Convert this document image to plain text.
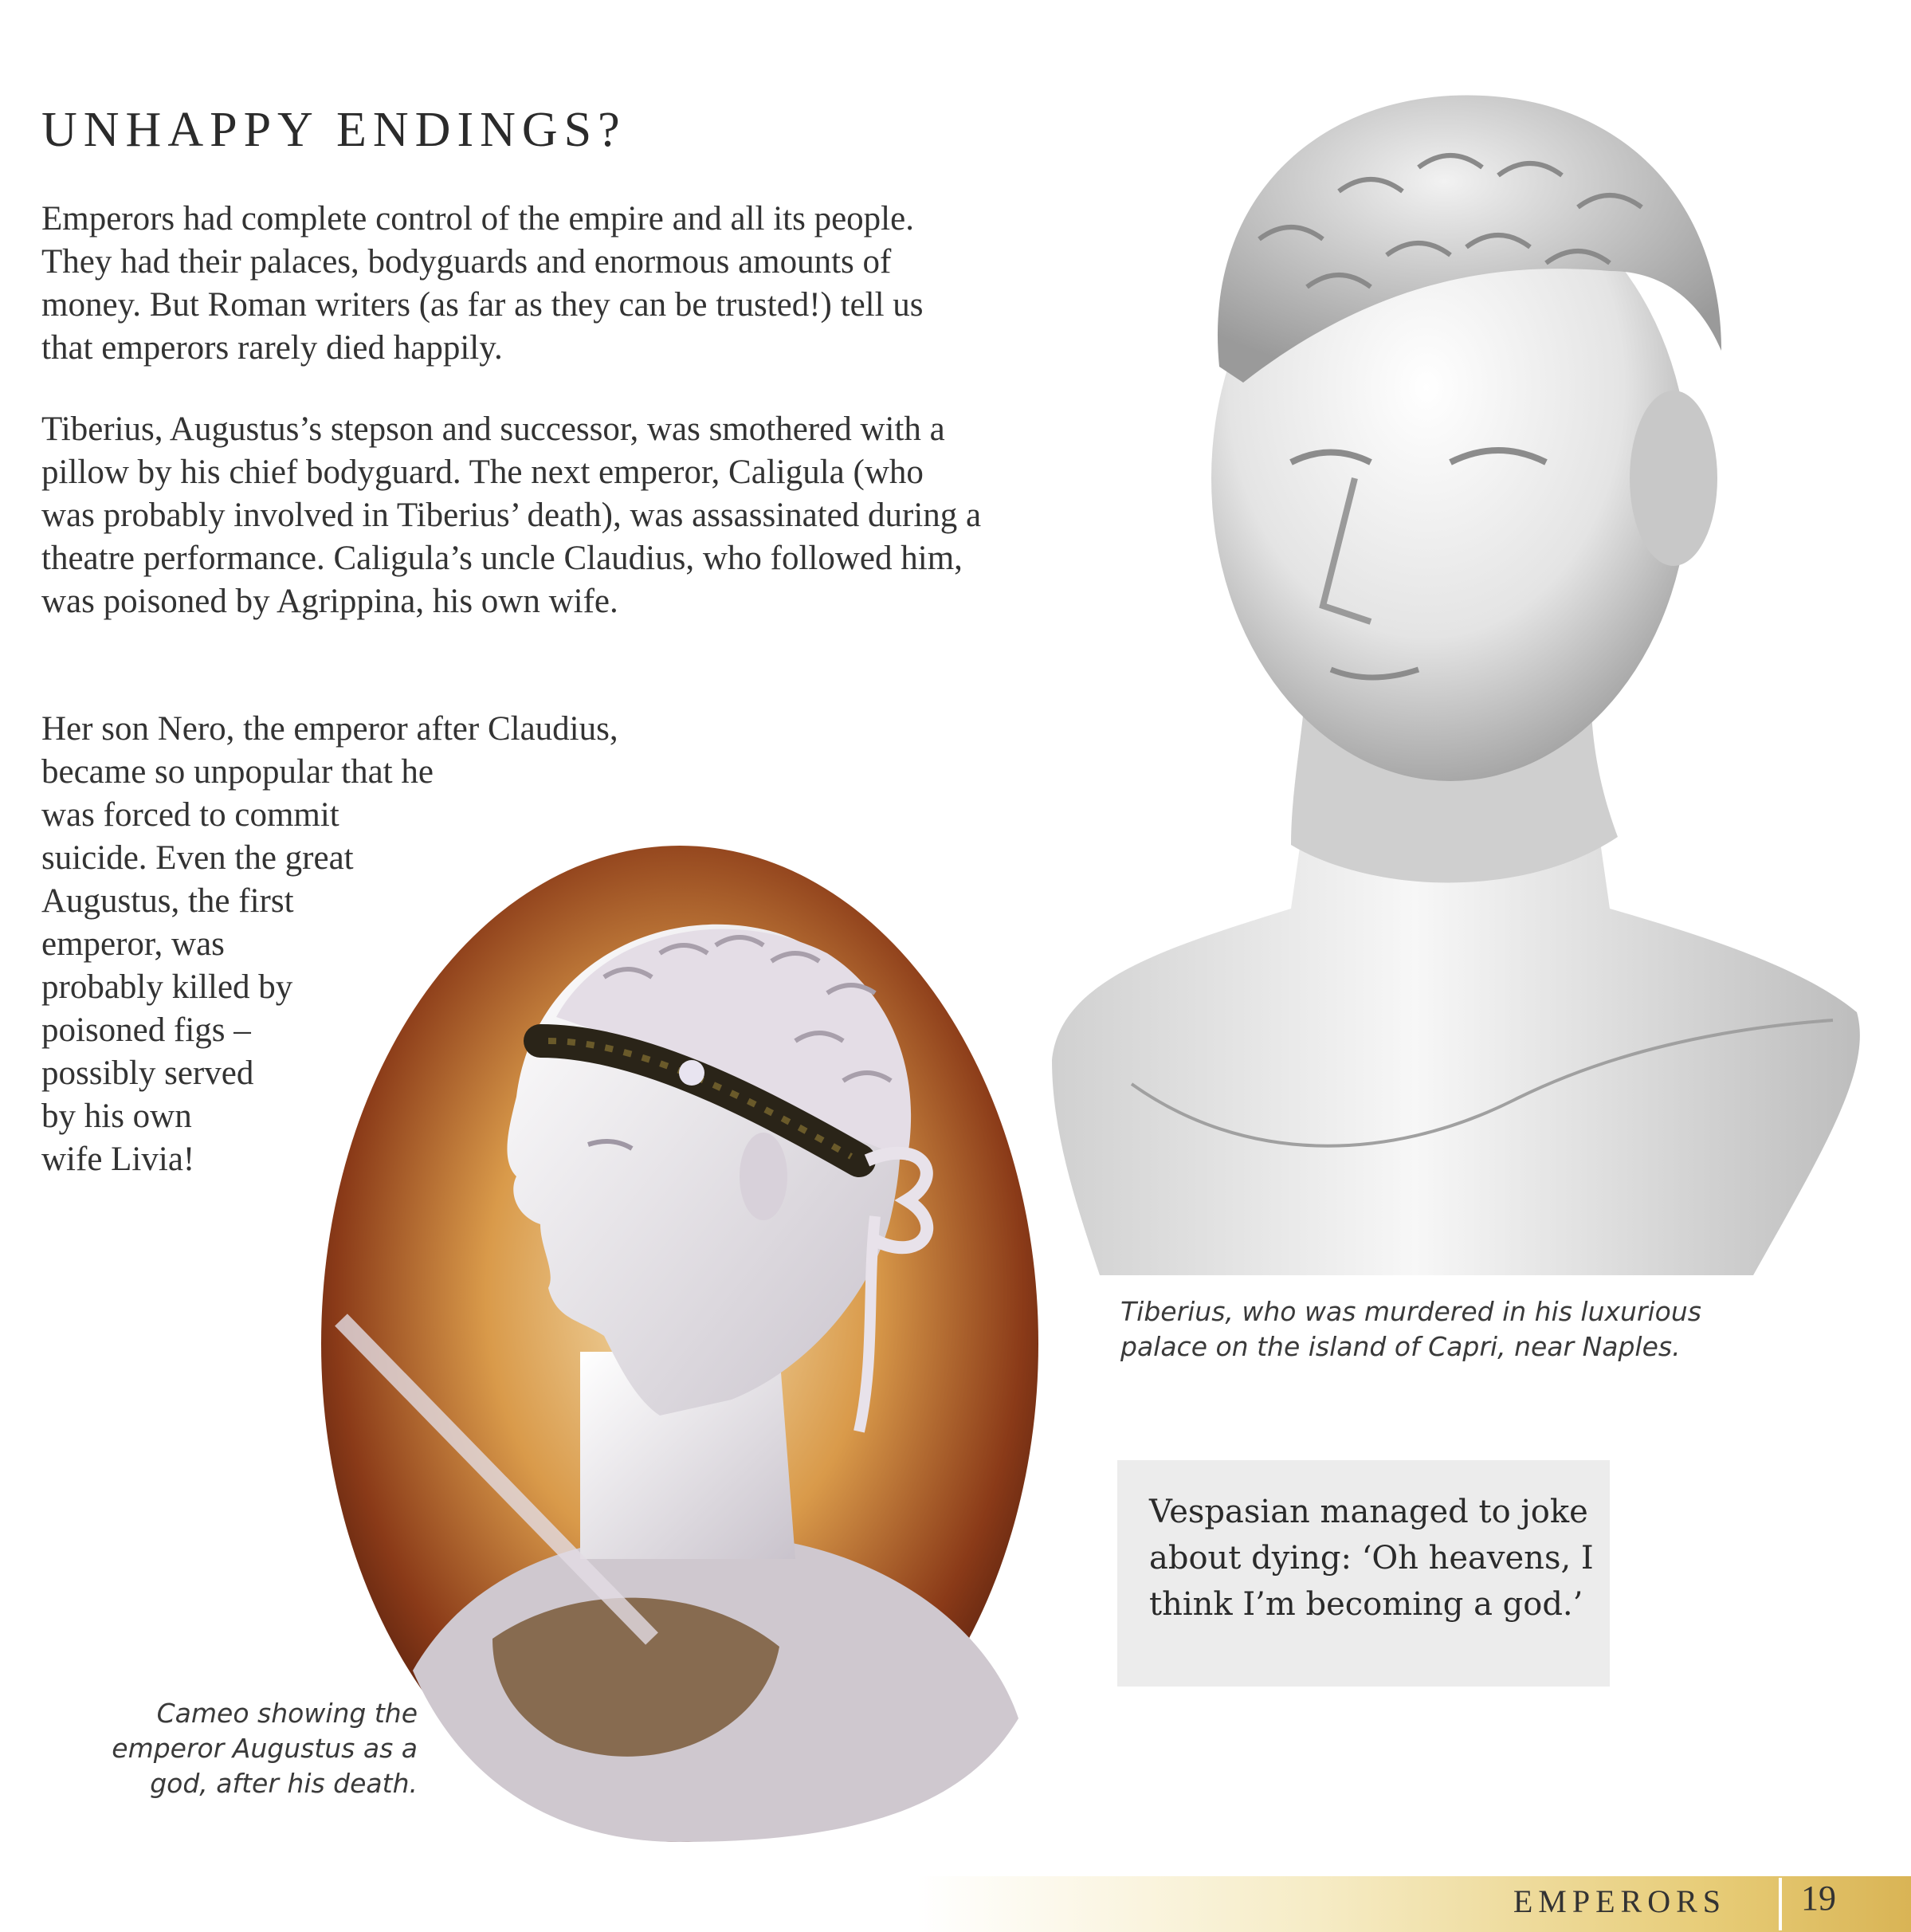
UNHAPPY ENDINGS?

Emperors had complete control of the empire and all its people. They had their palaces, bodyguards and enormous amounts of money. But Roman writers (as far as they can be trusted!) tell us that emperors rarely died happily.

Tiberius, Augustus’s stepson and successor, was smothered with a pillow by his chief bodyguard. The next emperor, Caligula (who was probably involved in Tiberius’ death), was assassinated during a theatre performance. Caligula’s uncle Claudius, who followed him, was poisoned by Agrippina, his own wife.

Her son Nero, the emperor after Claudius,
became so unpopular that he
was forced to commit
suicide. Even the great
Augustus, the first
emperor, was
probably killed by
poisoned figs –
possibly served
by his own
wife Livia!

Tiberius, who was murdered in his luxurious palace on the island of Capri, near Naples.

Cameo showing the emperor Augustus as a god, after his death.

Vespasian managed to joke about dying: ‘Oh heavens, I think I’m becoming a god.’

EMPERORS 19
